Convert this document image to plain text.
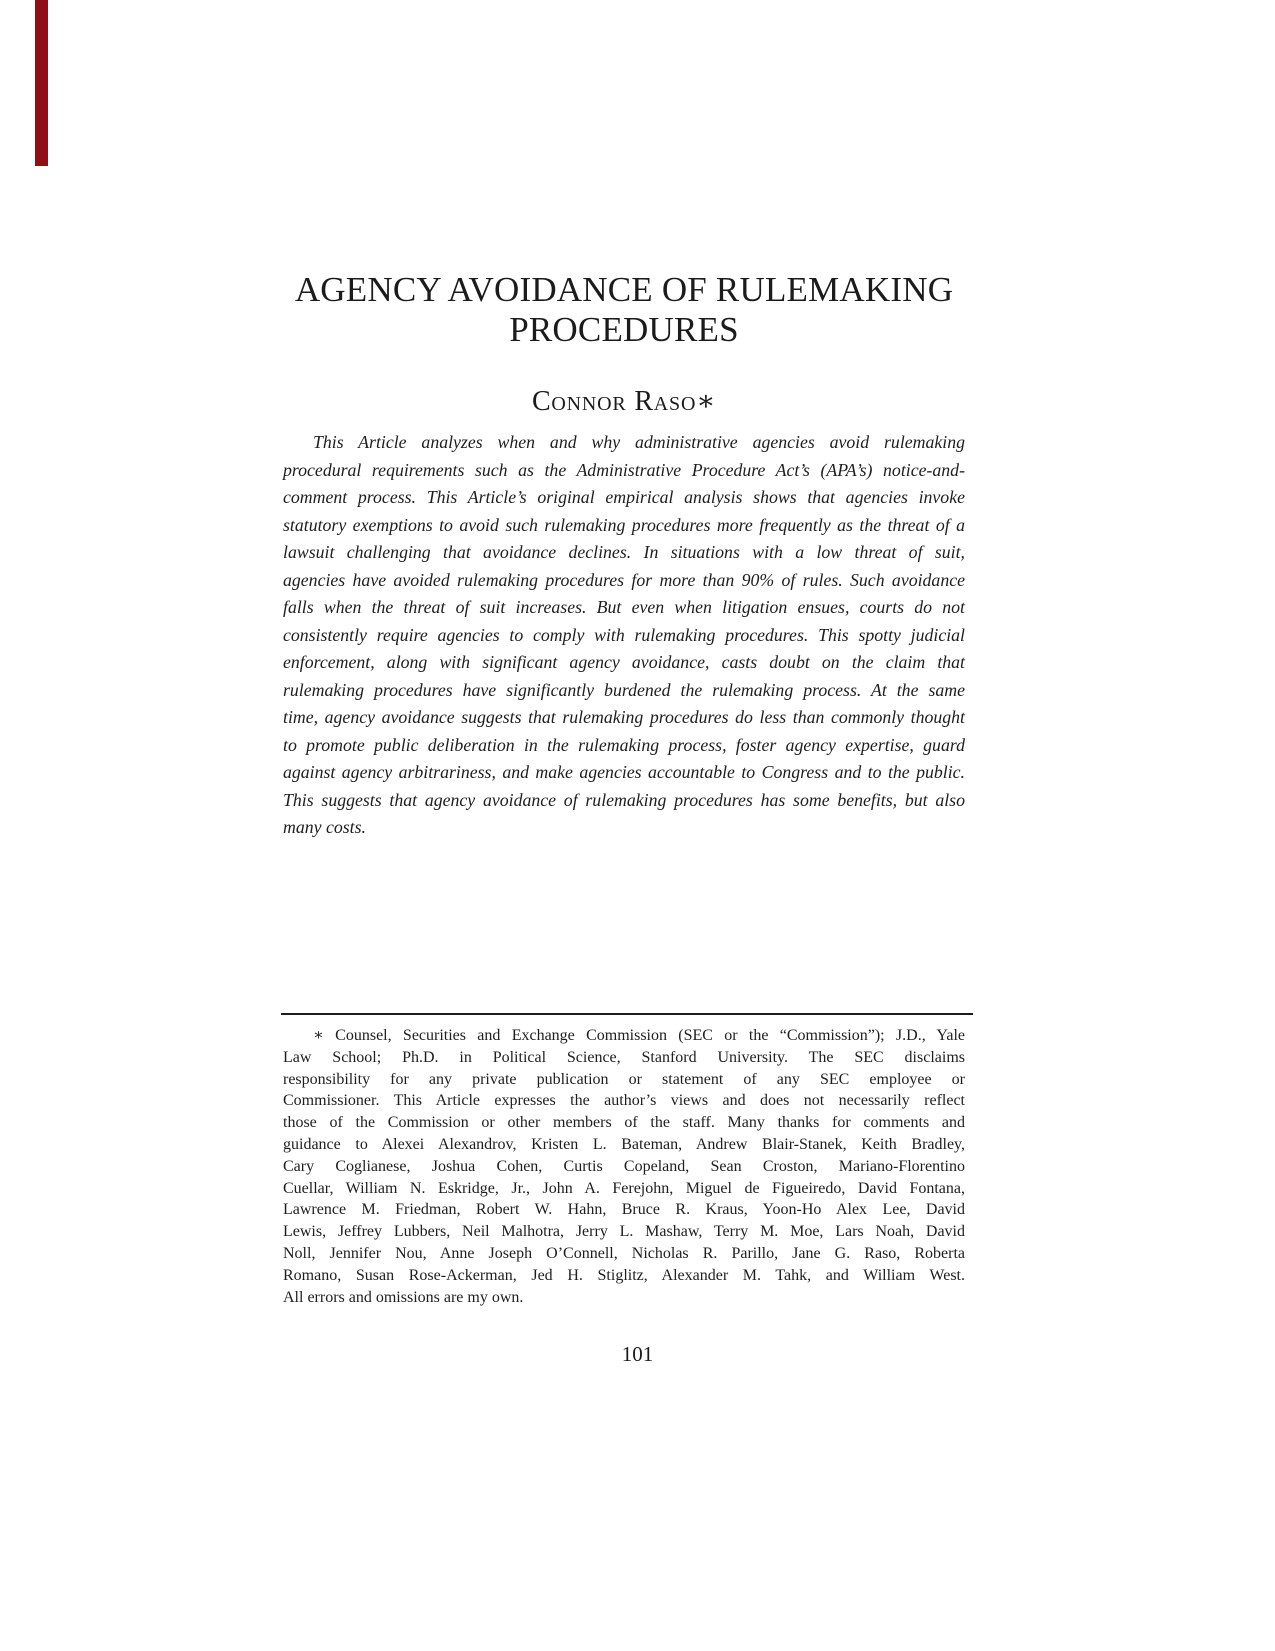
AGENCY AVOIDANCE OF RULEMAKING
PROCEDURES
Connor Raso∗
This Article analyzes when and why administrative agencies avoid rulemaking
procedural requirements such as the Administrative Procedure Act’s (APA’s) notice-and-
comment process. This Article’s original empirical analysis shows that agencies invoke
statutory exemptions to avoid such rulemaking procedures more frequently as the threat of a
lawsuit challenging that avoidance declines. In situations with a low threat of suit,
agencies have avoided rulemaking procedures for more than 90% of rules. Such avoidance
falls when the threat of suit increases. But even when litigation ensues, courts do not
consistently require agencies to comply with rulemaking procedures. This spotty judicial
enforcement, along with significant agency avoidance, casts doubt on the claim that
rulemaking procedures have significantly burdened the rulemaking process. At the same
time, agency avoidance suggests that rulemaking procedures do less than commonly thought
to promote public deliberation in the rulemaking process, foster agency expertise, guard
against agency arbitrariness, and make agencies accountable to Congress and to the public.
This suggests that agency avoidance of rulemaking procedures has some benefits, but also
many costs.
∗ Counsel, Securities and Exchange Commission (SEC or the “Commission”); J.D., Yale
Law School; Ph.D. in Political Science, Stanford University. The SEC disclaims
responsibility for any private publication or statement of any SEC employee or
Commissioner. This Article expresses the author’s views and does not necessarily reflect
those of the Commission or other members of the staff. Many thanks for comments and
guidance to Alexei Alexandrov, Kristen L. Bateman, Andrew Blair-Stanek, Keith Bradley,
Cary Coglianese, Joshua Cohen, Curtis Copeland, Sean Croston, Mariano-Florentino
Cuellar, William N. Eskridge, Jr., John A. Ferejohn, Miguel de Figueiredo, David Fontana,
Lawrence M. Friedman, Robert W. Hahn, Bruce R. Kraus, Yoon-Ho Alex Lee, David
Lewis, Jeffrey Lubbers, Neil Malhotra, Jerry L. Mashaw, Terry M. Moe, Lars Noah, David
Noll, Jennifer Nou, Anne Joseph O’Connell, Nicholas R. Parillo, Jane G. Raso, Roberta
Romano, Susan Rose-Ackerman, Jed H. Stiglitz, Alexander M. Tahk, and William West.
All errors and omissions are my own.
101
